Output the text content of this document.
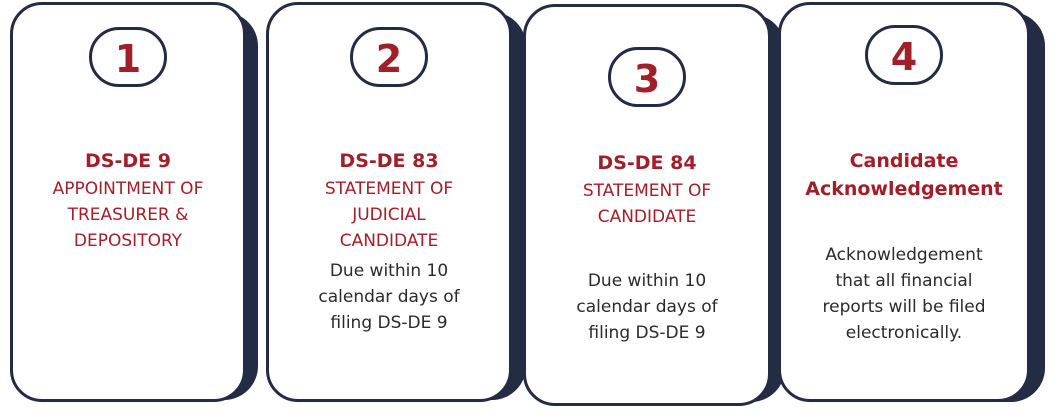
1
DS-DE 9
APPOINTMENT OF
TREASURER &
DEPOSITORY
2
DS-DE 83
STATEMENT OF
JUDICIAL
CANDIDATE
Due within 10
calendar days of
filing DS-DE 9
3
DS-DE 84
STATEMENT OF
CANDIDATE
Due within 10
calendar days of
filing DS-DE 9
4
Candidate
Acknowledgement
Acknowledgement
that all financial
reports will be filed
electronically.
